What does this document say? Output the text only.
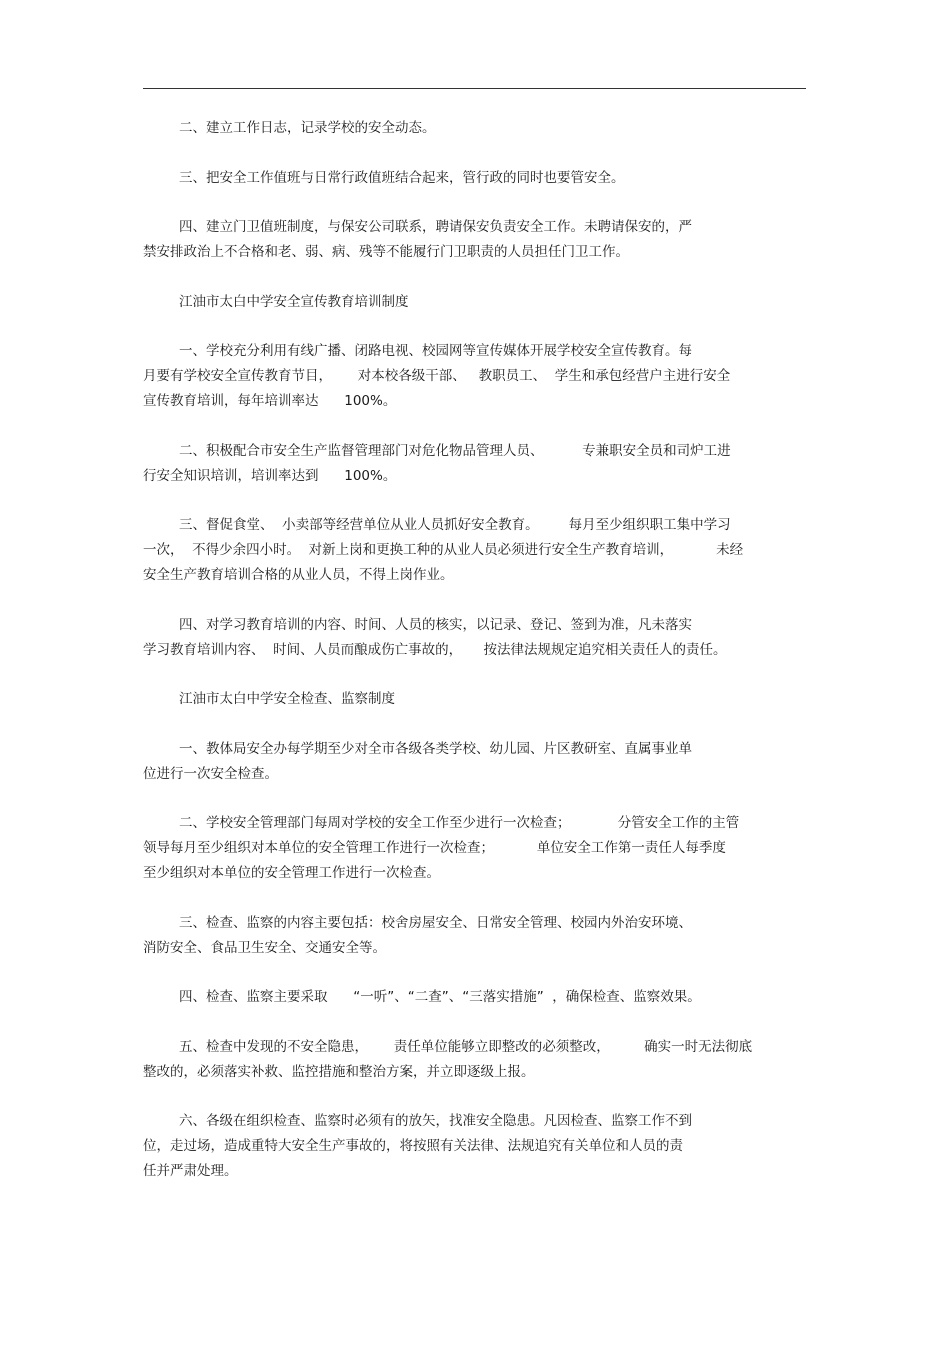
二、建立工作日志，记录学校的安全动态。
三、把安全工作值班与日常行政值班结合起来，管行政的同时也要管安全。
四、建立门卫值班制度，与保安公司联系，聘请保安负责安全工作。未聘请保安的，严
禁安排政治上不合格和老、弱、病、残等不能履行门卫职责的人员担任门卫工作。
江油市太白中学安全宣传教育培训制度
一、学校充分利用有线广播、闭路电视、校园网等宣传媒体开展学校安全宣传教育。每
月要有学校安全宣传教育节目，      对本校各级干部、   教职员工、  学生和承包经营户主进行安全
宣传教育培训，每年培训率达      100%。
二、积极配合市安全生产监督管理部门对危化物品管理人员、         专兼职安全员和司炉工进
行安全知识培训，培训率达到      100%。
三、督促食堂、  小卖部等经营单位从业人员抓好安全教育。       每月至少组织职工集中学习
一次，  不得少余四小时。  对新上岗和更换工种的从业人员必须进行安全生产教育培训，          未经
安全生产教育培训合格的从业人员，不得上岗作业。
四、对学习教育培训的内容、时间、人员的核实，以记录、登记、签到为准，凡未落实
学习教育培训内容、  时间、人员而酿成伤亡事故的，     按法律法规规定追究相关责任人的责任。
江油市太白中学安全检查、监察制度
一、教体局安全办每学期至少对全市各级各类学校、幼儿园、片区教研室、直属事业单
位进行一次安全检查。
二、学校安全管理部门每周对学校的安全工作至少进行一次检查；           分管安全工作的主管
领导每月至少组织对本单位的安全管理工作进行一次检查；          单位安全工作第一责任人每季度
至少组织对本单位的安全管理工作进行一次检查。
三、检查、监察的内容主要包括：校舍房屋安全、日常安全管理、校园内外治安环境、
消防安全、食品卫生安全、交通安全等。
四、检查、监察主要采取      “一听”、“二查”、“三落实措施”  ，确保检查、监察效果。
五、检查中发现的不安全隐患，      责任单位能够立即整改的必须整改，        确实一时无法彻底
整改的，必须落实补救、监控措施和整治方案，并立即逐级上报。
六、各级在组织检查、监察时必须有的放矢，找准安全隐患。凡因检查、监察工作不到
位，走过场，造成重特大安全生产事故的，将按照有关法律、法规追究有关单位和人员的责
任并严肃处理。
